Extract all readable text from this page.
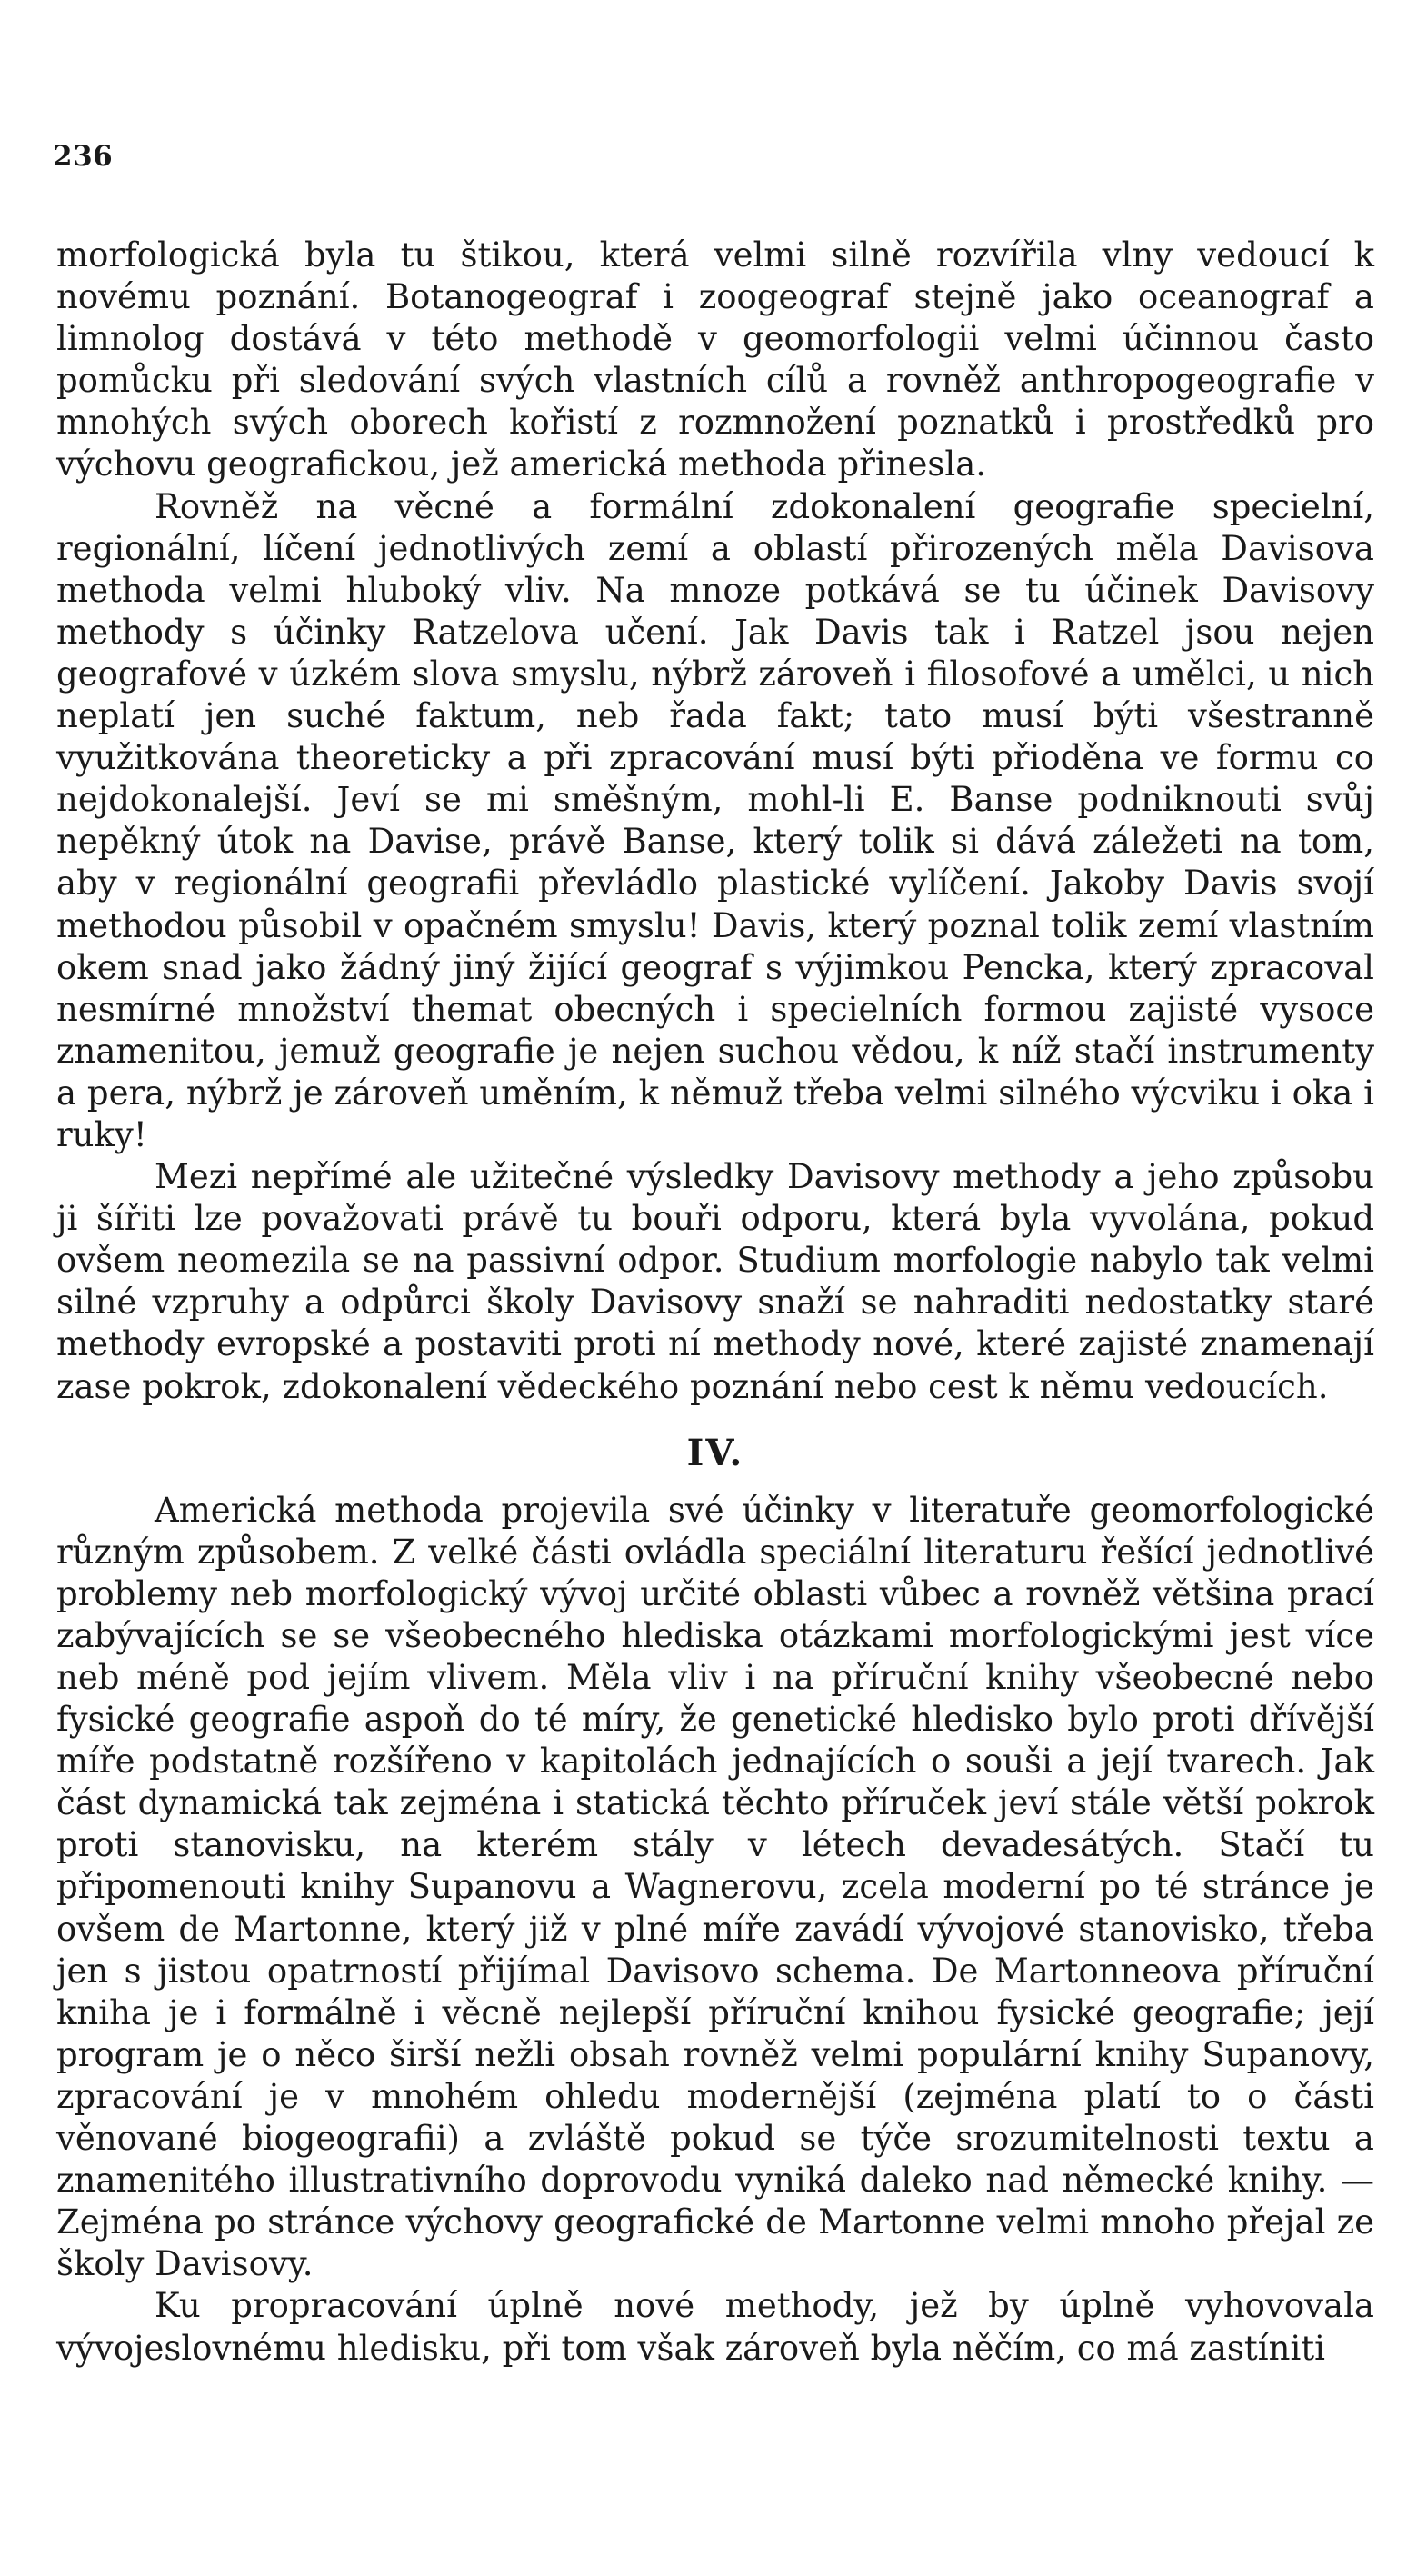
236

morfologická byla tu štikou, která velmi silně rozvířila vlny vedoucí k novému poznání. Botanogeograf i zoogeograf stejně jako oceanograf a limnolog dostává v této methodě v geomorfologii velmi účinnou často pomůcku při sledování svých vlastních cílů a rovněž anthropogeografie v mnohých svých oborech kořistí z rozmnožení poznatků i prostředků pro výchovu geografickou, jež americká methoda přinesla.

Rovněž na věcné a formální zdokonalení geografie specielní, regionální, líčení jednotlivých zemí a oblastí přirozených měla Davisova methoda velmi hluboký vliv. Na mnoze potkává se tu účinek Davisovy methody s účinky Ratzelova učení. Jak Davis tak i Ratzel jsou nejen geografové v úzkém slova smyslu, nýbrž zároveň i filosofové a umělci, u nich neplatí jen suché faktum, neb řada fakt; tato musí býti všestranně využitkována theoreticky a při zpracování musí býti přioděna ve formu co nejdokonalejší. Jeví se mi směšným, mohl-li E. Banse podniknouti svůj nepěkný útok na Davise, právě Banse, který tolik si dává záležeti na tom, aby v regionální geografii převládlo plastické vylíčení. Jakoby Davis svojí methodou působil v opačném smyslu! Davis, který poznal tolik zemí vlastním okem snad jako žádný jiný žijící geograf s výjimkou Pencka, který zpracoval nesmírné množství themat obecných i specielních formou zajisté vysoce znamenitou, jemuž geografie je nejen suchou vědou, k níž stačí instrumenty a pera, nýbrž je zároveň uměním, k němuž třeba velmi silného výcviku i oka i ruky!

Mezi nepřímé ale užitečné výsledky Davisovy methody a jeho způsobu ji šířiti lze považovati právě tu bouři odporu, která byla vyvolána, pokud ovšem neomezila se na passivní odpor. Studium morfologie nabylo tak velmi silné vzpruhy a odpůrci školy Davisovy snaží se nahraditi nedostatky staré methody evropské a postaviti proti ní methody nové, které zajisté znamenají zase pokrok, zdokonalení vědeckého poznání nebo cest k němu vedoucích.

IV.

Americká methoda projevila své účinky v literatuře geomorfologické různým způsobem. Z velké části ovládla speciální literaturu řešící jednotlivé problemy neb morfologický vývoj určité oblasti vůbec a rovněž většina prací zabývajících se se všeobecného hlediska otázkami morfologickými jest více neb méně pod jejím vlivem. Měla vliv i na příruční knihy všeobecné nebo fysické geografie aspoň do té míry, že genetické hledisko bylo proti dřívější míře podstatně rozšířeno v kapitolách jednajících o souši a její tvarech. Jak část dynamická tak zejména i statická těchto příruček jeví stále větší pokrok proti stanovisku, na kterém stály v létech devadesátých. Stačí tu připomenouti knihy Supanovu a Wagnerovu, zcela moderní po té stránce je ovšem de Martonne, který již v plné míře zavádí vývojové stanovisko, třeba jen s jistou opatrností přijímal Davisovo schema. De Martonneova příruční kniha je i formálně i věcně nejlepší příruční knihou fysické geografie; její program je o něco širší nežli obsah rovněž velmi populární knihy Supanovy, zpracování je v mnohém ohledu modernější (zejména platí to o části věnované biogeografii) a zvláště pokud se týče srozumitelnosti textu a znamenitého illustrativního doprovodu vyniká daleko nad německé knihy. — Zejména po stránce výchovy geografické de Martonne velmi mnoho přejal ze školy Davisovy.

Ku propracování úplně nové methody, jež by úplně vyhovovala vývojeslovnému hledisku, při tom však zároveň byla něčím, co má zastíniti
